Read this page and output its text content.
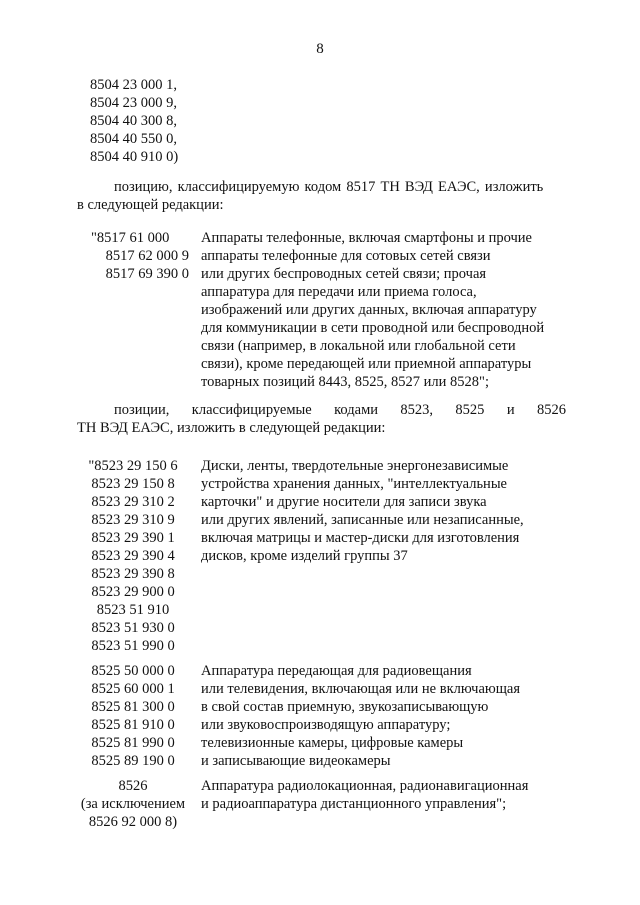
8
8504 23 000 1,
8504 23 000 9,
8504 40 300 8,
8504 40 550 0,
8504 40 910 0)
позицию, классифицируемую кодом 8517 ТН ВЭД ЕАЭС, изложить
в следующей редакции:
"8517 61 000
8517 62 000 9
8517 69 390 0
Аппараты телефонные, включая смартфоны и прочие
аппараты телефонные для сотовых сетей связи
или других беспроводных сетей связи; прочая
аппаратура для передачи или приема голоса,
изображений или других данных, включая аппаратуру
для коммуникации в сети проводной или беспроводной
связи (например, в локальной или глобальной сети
связи), кроме передающей или приемной аппаратуры
товарных позиций 8443, 8525, 8527 или 8528";
позиции, классифицируемые кодами 8523, 8525 и 8526
ТН ВЭД ЕАЭС, изложить в следующей редакции:
"8523 29 150 6
8523 29 150 8
8523 29 310 2
8523 29 310 9
8523 29 390 1
8523 29 390 4
8523 29 390 8
8523 29 900 0
8523 51 910
8523 51 930 0
8523 51 990 0
Диски, ленты, твердотельные энергонезависимые
устройства хранения данных, "интеллектуальные
карточки" и другие носители для записи звука
или других явлений, записанные или незаписанные,
включая матрицы и мастер-диски для изготовления
дисков, кроме изделий группы 37
8525 50 000 0
8525 60 000 1
8525 81 300 0
8525 81 910 0
8525 81 990 0
8525 89 190 0
Аппаратура передающая для радиовещания
или телевидения, включающая или не включающая
в свой состав приемную, звукозаписывающую
или звуковоспроизводящую аппаратуру;
телевизионные камеры, цифровые камеры
и записывающие видеокамеры
8526
(за исключением
8526 92 000 8)
Аппаратура радиолокационная, радионавигационная
и радиоаппаратура дистанционного управления";
